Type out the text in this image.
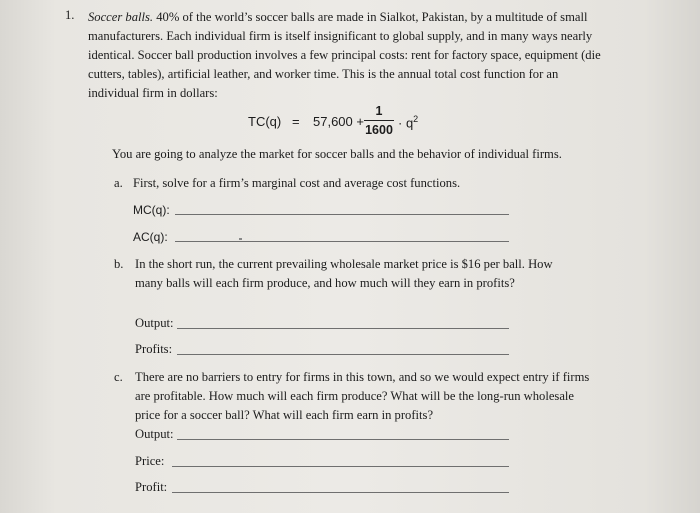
1. Soccer balls. 40% of the world’s soccer balls are made in Sialkot, Pakistan, by a multitude of small manufacturers. Each individual firm is itself insignificant to global supply, and in many ways nearly identical. Soccer ball production involves a few principal costs: rent for factory space, equipment (die cutters, tables), artificial leather, and worker time. This is the annual total cost function for an individual firm in dollars:
TC(q) = 57,600 +
1
$1600 \cdot q^2$
You are going to analyze the market for soccer balls and the behavior of individual firms.
a. First, solve for a firm’s marginal cost and average cost functions.
MC(q):
AC(q):
b. In the short run, the current prevailing wholesale market price is $16 per ball. How many balls will each firm produce, and how much will they earn in profits?
Output:
Profits:
c. There are no barriers to entry for firms in this town, and so we would expect entry if firms are profitable. How much will each firm produce? What will be the long-run wholesale price for a soccer ball? What will each firm earn in profits?
Output:
Price:
Profit:
